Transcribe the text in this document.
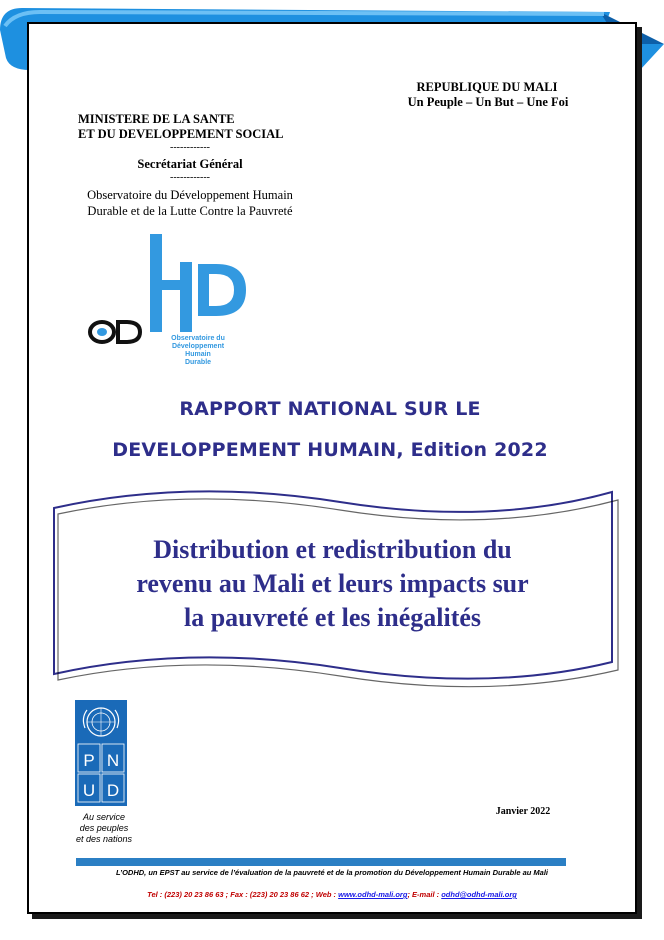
REPUBLIQUE DU MALI
Un Peuple – Un But – Une Foi
MINISTERE DE LA SANTE
ET DU DEVELOPPEMENT SOCIAL
------------
Secrétariat Général
------------
Observatoire du Développement Humain
Durable et de la Lutte Contre la Pauvreté
Observatoire du
Développement
Humain
Durable
RAPPORT NATIONAL SUR LE
DEVELOPPEMENT HUMAIN, Edition 2022
Distribution et redistribution du
revenu au Mali et leurs impacts sur
la pauvreté et les inégalités
P N
U D
Au service
des peuples
et des nations
Janvier 2022
L’ODHD, un EPST au service de l’évaluation de la pauvreté et de la promotion du Développement Humain Durable au Mali
Tel : (223) 20 23 86 63 ; Fax : (223) 20 23 86 62 ; Web : www.odhd-mali.org; E-mail : odhd@odhd-mali.org
